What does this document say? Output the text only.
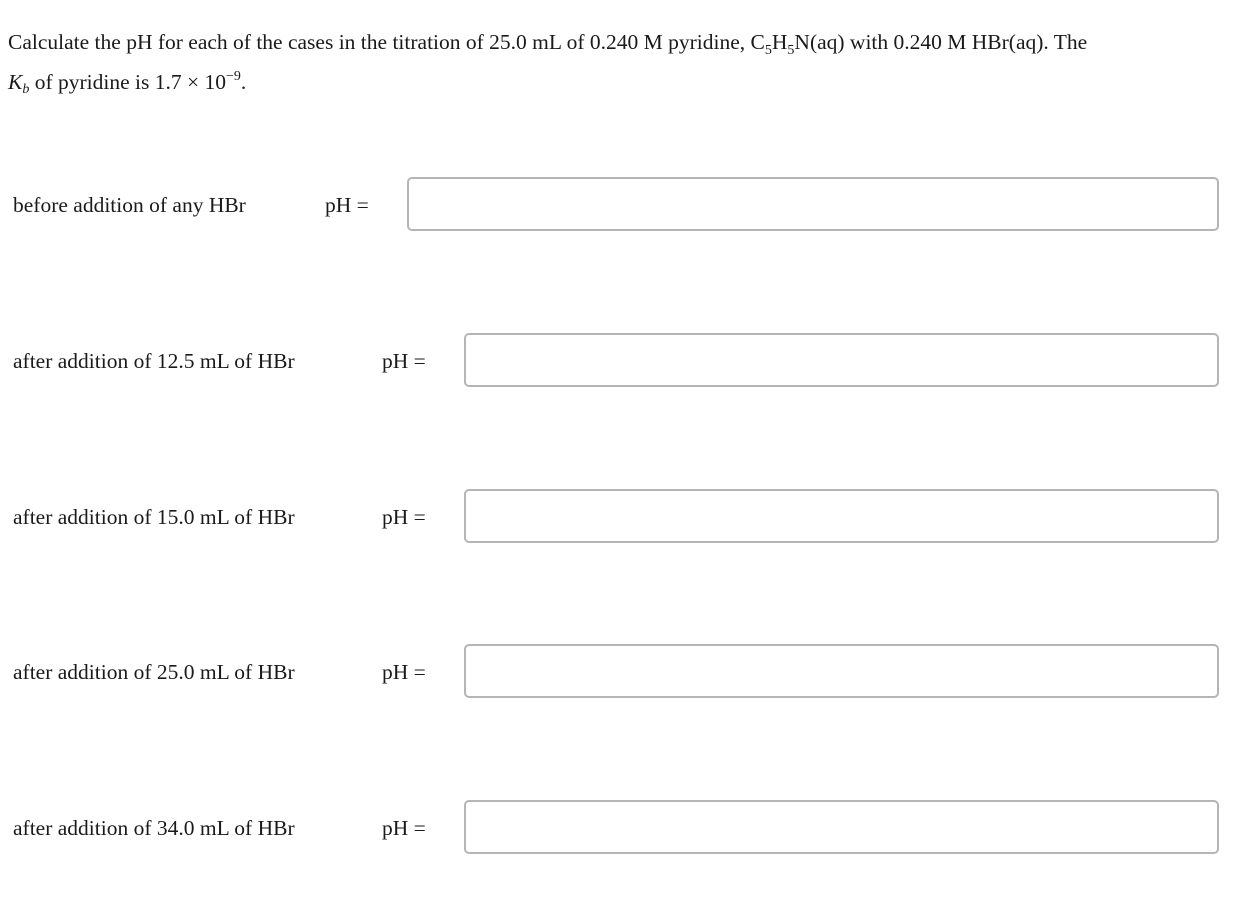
Calculate the pH for each of the cases in the titration of 25.0 mL of 0.240 M pyridine, $C_5H_5N(aq)$ with 0.240 M HBr(aq). The
Kb of pyridine is $1.7 \times 10^{-9}$.

before addition of any HBr	pH =
after addition of 12.5 mL of HBr	pH =
after addition of 15.0 mL of HBr	pH =
after addition of 25.0 mL of HBr	pH =
after addition of 34.0 mL of HBr	pH =
